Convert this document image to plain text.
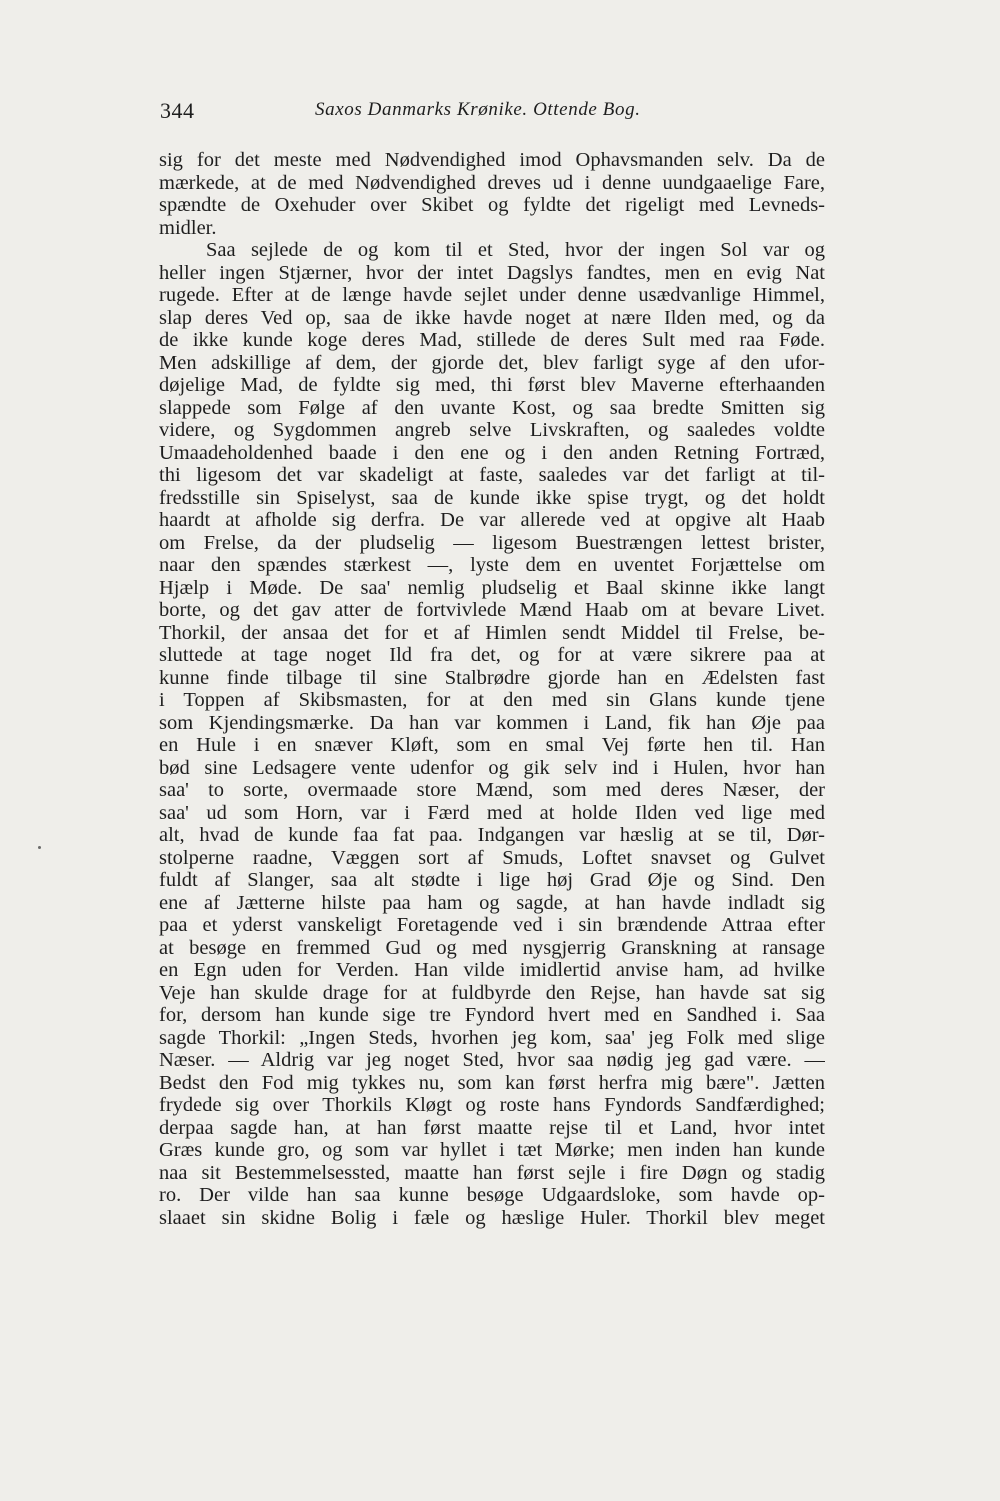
344	Saxos Danmarks Krønike. Ottende Bog.
sig for det meste med Nødvendighed imod Ophavsmanden selv. Da de
mærkede, at de med Nødvendighed dreves ud i denne uundgaaelige Fare,
spændte de Oxehuder over Skibet og fyldte det rigeligt med Levneds-
midler.
Saa sejlede de og kom til et Sted, hvor der ingen Sol var og
heller ingen Stjærner, hvor der intet Dagslys fandtes, men en evig Nat
rugede. Efter at de længe havde sejlet under denne usædvanlige Himmel,
slap deres Ved op, saa de ikke havde noget at nære Ilden med, og da
de ikke kunde koge deres Mad, stillede de deres Sult med raa Føde.
Men adskillige af dem, der gjorde det, blev farligt syge af den ufor-
døjelige Mad, de fyldte sig med, thi først blev Maverne efterhaanden
slappede som Følge af den uvante Kost, og saa bredte Smitten sig
videre, og Sygdommen angreb selve Livskraften, og saaledes voldte
Umaadeholdenhed baade i den ene og i den anden Retning Fortræd,
thi ligesom det var skadeligt at faste, saaledes var det farligt at til-
fredsstille sin Spiselyst, saa de kunde ikke spise trygt, og det holdt
haardt at afholde sig derfra. De var allerede ved at opgive alt Haab
om Frelse, da der pludselig — ligesom Buestrængen lettest brister,
naar den spændes stærkest —, lyste dem en uventet Forjættelse om
Hjælp i Møde. De saa' nemlig pludselig et Baal skinne ikke langt
borte, og det gav atter de fortvivlede Mænd Haab om at bevare Livet.
Thorkil, der ansaa det for et af Himlen sendt Middel til Frelse, be-
sluttede at tage noget Ild fra det, og for at være sikrere paa at
kunne finde tilbage til sine Stalbrødre gjorde han en Ædelsten fast
i Toppen af Skibsmasten, for at den med sin Glans kunde tjene
som Kjendingsmærke. Da han var kommen i Land, fik han Øje paa
en Hule i en snæver Kløft, som en smal Vej førte hen til. Han
bød sine Ledsagere vente udenfor og gik selv ind i Hulen, hvor han
saa' to sorte, overmaade store Mænd, som med deres Næser, der
saa' ud som Horn, var i Færd med at holde Ilden ved lige med
alt, hvad de kunde faa fat paa. Indgangen var hæslig at se til, Dør-
stolperne raadne, Væggen sort af Smuds, Loftet snavset og Gulvet
fuldt af Slanger, saa alt stødte i lige høj Grad Øje og Sind. Den
ene af Jætterne hilste paa ham og sagde, at han havde indladt sig
paa et yderst vanskeligt Foretagende ved i sin brændende Attraa efter
at besøge en fremmed Gud og med nysgjerrig Granskning at ransage
en Egn uden for Verden. Han vilde imidlertid anvise ham, ad hvilke
Veje han skulde drage for at fuldbyrde den Rejse, han havde sat sig
for, dersom han kunde sige tre Fyndord hvert med en Sandhed i. Saa
sagde Thorkil: „Ingen Steds, hvorhen jeg kom, saa' jeg Folk med slige
Næser. — Aldrig var jeg noget Sted, hvor saa nødig jeg gad være. —
Bedst den Fod mig tykkes nu, som kan først herfra mig bære". Jætten
frydede sig over Thorkils Kløgt og roste hans Fyndords Sandfærdighed;
derpaa sagde han, at han først maatte rejse til et Land, hvor intet
Græs kunde gro, og som var hyllet i tæt Mørke; men inden han kunde
naa sit Bestemmelsessted, maatte han først sejle i fire Døgn og stadig
ro. Der vilde han saa kunne besøge Udgaardsloke, som havde op-
slaaet sin skidne Bolig i fæle og hæslige Huler. Thorkil blev meget
